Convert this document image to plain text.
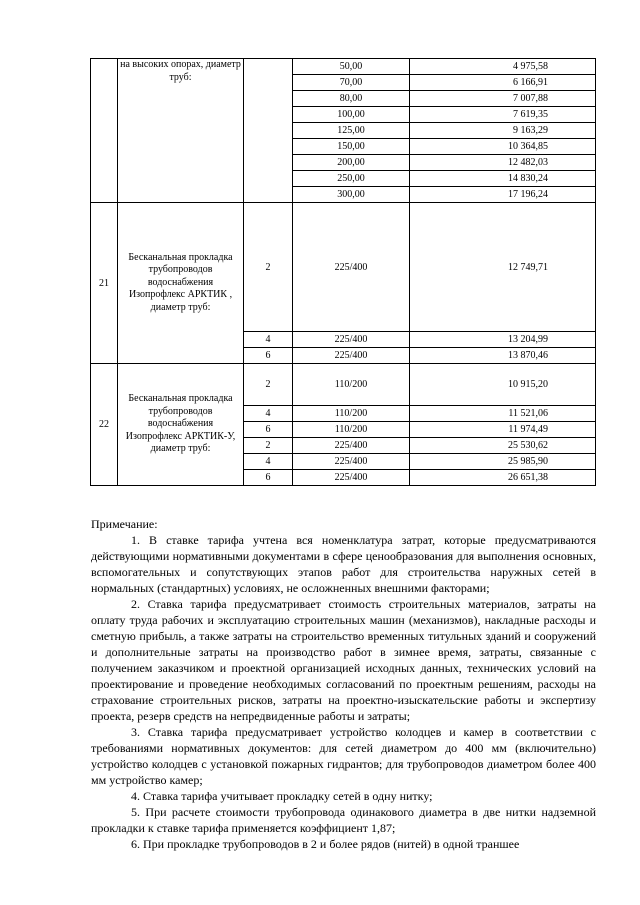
	на высоких опорах, диаметр труб:		50,00	4 975,58
			70,00	6 166,91
			80,00	7 007,88
			100,00	7 619,35
			125,00	9 163,29
			150,00	10 364,85
			200,00	12 482,03
			250,00	14 830,24
			300,00	17 196,24
21	Бесканальная прокладка трубопроводов водоснабжения Изопрофлекс АРКТИК , диаметр труб:	2	225/400	12 749,71
		4	225/400	13 204,99
		6	225/400	13 870,46
22	Бесканальная прокладка трубопроводов водоснабжения Изопрофлекс АРКТИК-У, диаметр труб:	2	110/200	10 915,20
		4	110/200	11 521,06
		6	110/200	11 974,49
		2	225/400	25 530,62
		4	225/400	25 985,90
		6	225/400	26 651,38

Примечание:

1. В ставке тарифа учтена вся номенклатура затрат, которые предусматриваются действующими нормативными документами в сфере ценообразования для выполнения основных, вспомогательных и сопутствующих этапов работ для строительства наружных сетей в нормальных (стандартных) условиях, не осложненных внешними факторами;

2. Ставка тарифа предусматривает стоимость строительных материалов, затраты на оплату труда рабочих и эксплуатацию строительных машин (механизмов), накладные расходы и сметную прибыль, а также затраты на строительство временных титульных зданий и сооружений и дополнительные затраты на производство работ в зимнее время, затраты, связанные с получением заказчиком и проектной организацией исходных данных, технических условий на проектирование и проведение необходимых согласований по проектным решениям, расходы на страхование строительных рисков, затраты на проектно-изыскательские работы и экспертизу проекта, резерв средств на непредвиденные работы и затраты;

3. Ставка тарифа предусматривает устройство колодцев и камер в соответствии с требованиями нормативных документов: для сетей диаметром до 400 мм (включительно) устройство колодцев с установкой пожарных гидрантов; для трубопроводов диаметром более 400 мм устройство камер;

4. Ставка тарифа учитывает прокладку сетей в одну нитку;

5. При расчете стоимости трубопровода одинакового диаметра в две нитки надземной прокладки к ставке тарифа применяется коэффициент 1,87;

6. При прокладке трубопроводов в 2 и более рядов (нитей) в одной траншее
